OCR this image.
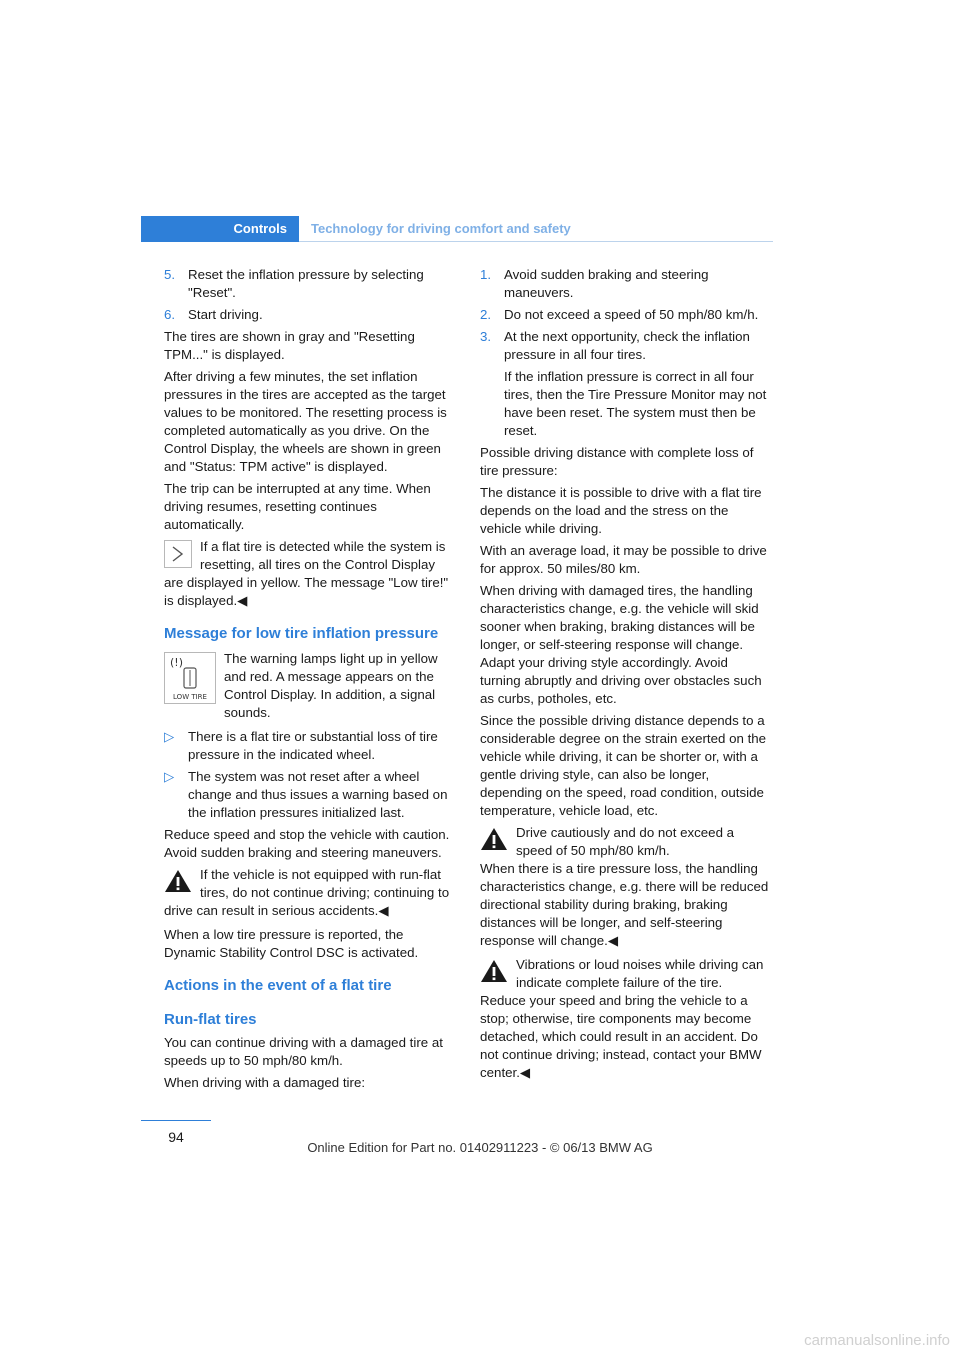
Controls	Technology for driving comfort and safety
5. Reset the inflation pressure by selecting "Reset".
6. Start driving.

The tires are shown in gray and "Resetting TPM..." is displayed.

After driving a few minutes, the set inflation pressures in the tires are accepted as the target values to be monitored. The resetting process is completed automatically as you drive. On the Control Display, the wheels are shown in green and "Status: TPM active" is displayed.

The trip can be interrupted at any time. When driving resumes, resetting continues automatically.

If a flat tire is detected while the system is resetting, all tires on the Control Display are displayed in yellow. The message "Low tire!" is displayed.◀
Message for low tire inflation pressure
(!)
LOW TIRE
The warning lamps light up in yellow and red. A message appears on the Control Display. In addition, a signal sounds.
▷	There is a flat tire or substantial loss of tire pressure in the indicated wheel.
▷	The system was not reset after a wheel change and thus issues a warning based on the inflation pressures initialized last.

Reduce speed and stop the vehicle with caution. Avoid sudden braking and steering maneuvers.

If the vehicle is not equipped with run-flat tires, do not continue driving; continuing to drive can result in serious accidents.◀

When a low tire pressure is reported, the Dynamic Stability Control DSC is activated.

Actions in the event of a flat tire
Run-flat tires

You can continue driving with a damaged tire at speeds up to 50 mph/80 km/h.

When driving with a damaged tire:

1. Avoid sudden braking and steering maneuvers.
2. Do not exceed a speed of 50 mph/80 km/h.
3. At the next opportunity, check the inflation pressure in all four tires.

If the inflation pressure is correct in all four tires, then the Tire Pressure Monitor may not have been reset. The system must then be reset.

Possible driving distance with complete loss of tire pressure:

The distance it is possible to drive with a flat tire depends on the load and the stress on the vehicle while driving.

With an average load, it may be possible to drive for approx. 50 miles/80 km.

When driving with damaged tires, the handling characteristics change, e.g. the vehicle will skid sooner when braking, braking distances will be longer, or self-steering response will change. Adapt your driving style accordingly. Avoid turning abruptly and driving over obstacles such as curbs, potholes, etc.

Since the possible driving distance depends to a considerable degree on the strain exerted on the vehicle while driving, it can be shorter or, with a gentle driving style, can also be longer, depending on the speed, road condition, outside temperature, vehicle load, etc.

Drive cautiously and do not exceed a speed of 50 mph/80 km/h.
When there is a tire pressure loss, the handling characteristics change, e.g. there will be reduced directional stability during braking, braking distances will be longer, and self-steering response will change.◀
Vibrations or loud noises while driving can indicate complete failure of the tire.
Reduce your speed and bring the vehicle to a stop; otherwise, tire components may become detached, which could result in an accident. Do not continue driving; instead, contact your BMW center.◀
94
Online Edition for Part no. 01402911223 - © 06/13 BMW AG
carmanualsonline.info
